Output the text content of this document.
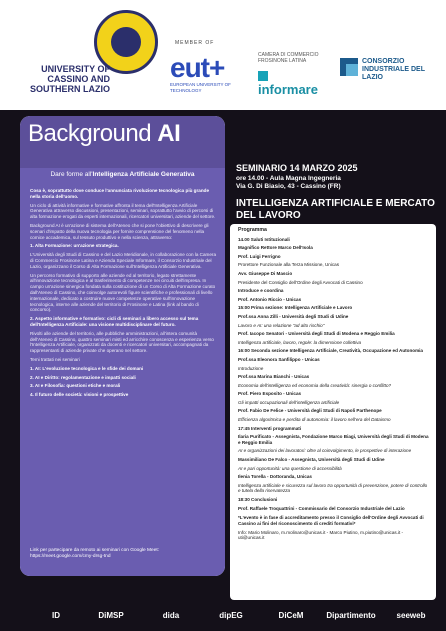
UNIVERSITY OF CASSINO AND SOUTHERN LAZIO
MEMBER OF
eut+
EUROPEAN UNIVERSITY OF TECHNOLOGY
CAMERA DI COMMERCIO FROSINONE LATINA
informare
CONSORZIO INDUSTRIALE DEL LAZIO
Background AI
Dare forme all'Intelligenza Artificiale Generativa

Cosa è, soprattutto dove conduce l'annunciata rivoluzione tecnologica più grande nella storia dell'uomo.

Un ciclo di attività informative e formative affronta il tema dell'Intelligenza Artificiale Generativa attraverso discussioni, presentazioni, seminari, soprattutto l'avvio di percorsi di alta formazione erogati da esperti internazionali, ricercatori universitari, aziende del settore.

Background AI è un'azione di sistema dell'Ateneo che si pone l'obiettivo di descrivere gli scenari d'impatto della nuova tecnologia per fornire comprensione del fenomeno nella comice accademica, sul tessuto produttivo e nella scienza, attraverso:

1. Alta Formazione: un'azione strategica.

L'Università degli Studi di Cassino e del Lazio Meridionale, in collaborazione con la Camera di Commercio Frosinone Latina e Azienda Speciale Informare, il Consorzio Industriale del Lazio, organizzano il Corso di Alta Formazione sull'Intelligenza Artificiale Generativa.

Un percorso formativo di supporto alle aziende ed al territorio, legato strettamente all'innovazione tecnologica e al trasferimento di competenze nei circuiti dell'impresa. In campo un'azione sinergica fondata sulla costituzione di un Corso di Alta Formazione curato dall'Ateneo di Cassino, che coinvolge autorevoli figure scientifiche e professionali di livello internazionale, dedicato a costruire nuove competenze operative sull'innovazione tecnologica, interne alle aziende del territorio di Frosinone e Latina (link al bando di concorso).

2. Aspetto informative e formativo: cicli di seminari a libero accesso sul tema dell'Intelligenza Artificiale: una visione multidisciplinare del futuro.

Rivolti alle aziende del territorio, alle pubbliche amministrazioni, all'intera comunità dell'Ateneo di Cassino, quattro seminari misti ed arricchire conoscenza e esperienza verso l'Intelligenza Artificiale, organizzati da docenti e ricercatori universitari, accompagnati da rappresentanti di aziende private che operano nel settore.

Temi trattati nei seminari

1. AI: L'evoluzione tecnologica e le sfide dei domani

2. AI e Diritto: regolamentazione e impatti sociali

3. AI e Filosofia: questioni etiche e morali

4. Il futuro delle società: visioni e prospettive

Link per partecipare da remoto ai seminari con Google Meet: https://meet.google.com/cmy-drsg-tnd
SEMINARIO 14 MARZO 2025
ore 14.00 - Aula Magna Ingegneria
Via G. Di Biasio, 43 - Cassino (FR)
INTELLIGENZA ARTIFICIALE E MERCATO DEL LAVORO
Programma
14.00 Saluti Istituzionali
Magnifico Rettore Marco Dell'Isola
Prof. Luigi Ferrigno
Prorettore Funzionale alla Terza Missione, Unicas
Avv. Giuseppe Di Mascio
Presidente del Consiglio dell'Ordine degli Avvocati di Cassino
Introduce e coordina
Prof. Antonio Riccio - Unicas
15:00 Prima sezione: Intelligenza Artificiale e Lavoro
Prof.ssa Anna Zilli - Università degli Studi di Udine
Lavoro e AI: una relazione "ad alto rischio"
Prof. Iacopo Senatori - Università degli Studi di Modena e Reggio Emilia
Intelligenza artificiale, lavoro, regole: la dimensione collettiva
16:00 Seconda sezione Intelligenza Artificiale, Creatività, Occupazione ed Autonomia
Prof.ssa Eleonora Sanfilippo - Unicas
Introduzione
Prof.ssa Marina Bianchi - Unicas
Economia dell'intelligenza ed economia della creatività: sinergia o conflitto?
Prof. Piero Esposito - Unicas
Gli impatti occupazionali dell'intelligenza artificiale
Prof. Fabio De Felice - Università degli Studi di Napoli Parthenope
Efficienza algoritmica e perdita di autonomia: il lavoro nell'era del Dataismo
17:45 Interventi programmati
Ilaria Purificato - Assegnista, Fondazione Marco Biagi, Università degli Studi di Modena e Reggio Emilia
AI e organizzazioni dei lavoratori: oltre al coinvolgimento, le prospettive di interazione
Massimiliano De Falco - Assegnista, Università degli Studi di Udine
AI e pari opportunità: una questione di accessibilità
Ilenia Torella - Dottoranda, Unicas
Intelligenza artificiale e sicurezza sul lavoro tra opportunità di prevenzione, potere di controllo e tutela della riservatezza
18:30 Conclusioni
Prof. Raffaele Troquattrini - Commissario del Consorzio Industriale del Lazio
*L'evento è in fase di accreditamento presso il Consiglio dell'Ordine degli Avvocati di Cassino ai fini del riconoscimento di crediti formativi*
Info: Mario Molinaro, m.molinaro@unicas.it - Marco Piutino, m.piutino@unicas.it - uti@unicas.it
ID	DiMSP	dida	dipEG	DiCeM	Dipartimento	seeweb
